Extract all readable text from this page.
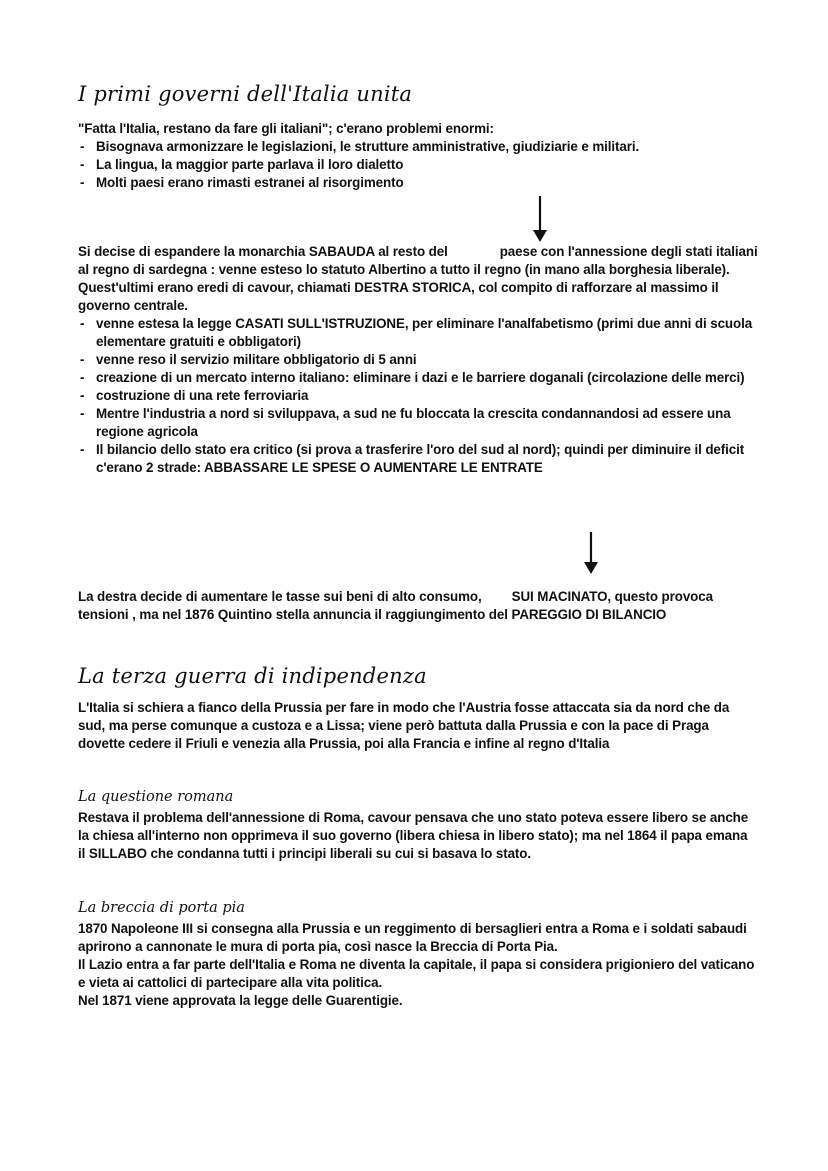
I primi governi dell'Italia unita

"Fatta l'Italia, restano da fare gli italiani"; c'erano problemi enormi:

- Bisognava armonizzare le legislazioni, le strutture amministrative, giudiziarie e militari.
- La lingua, la maggior parte parlava il loro dialetto
- Molti paesi erano rimasti estranei al risorgimento

Si decise di espandere la monarchia SABAUDA al resto del	paese con l'annessione degli stati italiani al regno di sardegna : venne esteso lo statuto Albertino a tutto il regno (in mano alla borghesia liberale).

Quest'ultimi erano eredi di cavour, chiamati DESTRA STORICA, col compito di rafforzare al massimo il governo centrale.

- venne estesa la legge CASATI SULL'ISTRUZIONE, per eliminare l'analfabetismo (primi due anni di scuola elementare gratuiti e obbligatori)
- venne reso il servizio militare obbligatorio di 5 anni
- creazione di un mercato interno italiano: eliminare i dazi e le barriere doganali (circolazione delle merci)
- costruzione di una rete ferroviaria
- Mentre l'industria a nord si sviluppava, a sud ne fu bloccata la crescita condannandosi ad essere una regione agricola
- Il bilancio dello stato era critico (si prova a trasferire l'oro del sud al nord); quindi per diminuire il deficit c'erano 2 strade: ABBASSARE LE SPESE O AUMENTARE LE ENTRATE

La destra decide di aumentare le tasse sui beni di alto consumo, SUI MACINATO, questo provoca tensioni , ma nel 1876 Quintino stella annuncia il raggiungimento del PAREGGIO DI BILANCIO

La terza guerra di indipendenza

L'Italia si schiera a fianco della Prussia per fare in modo che l'Austria fosse attaccata sia da nord che da sud, ma perse comunque a custoza e a Lissa; viene però battuta dalla Prussia e con la pace di Praga dovette cedere il Friuli e venezia alla Prussia, poi alla Francia e infine al regno d'Italia

La questione romana

Restava il problema dell'annessione di Roma, cavour pensava che uno stato poteva essere libero se anche la chiesa all'interno non opprimeva il suo governo (libera chiesa in libero stato); ma nel 1864 il papa emana il SILLABO che condanna tutti i principi liberali su cui si basava lo stato.

La breccia di porta pia

1870 Napoleone III si consegna alla Prussia e un reggimento di bersaglieri entra a Roma e i soldati sabaudi aprirono a cannonate le mura di porta pia, così nasce la Breccia di Porta Pia.

Il Lazio entra a far parte dell'Italia e Roma ne diventa la capitale, il papa si considera prigioniero del vaticano e vieta ai cattolici di partecipare alla vita politica.

Nel 1871 viene approvata la legge delle Guarentigie.
